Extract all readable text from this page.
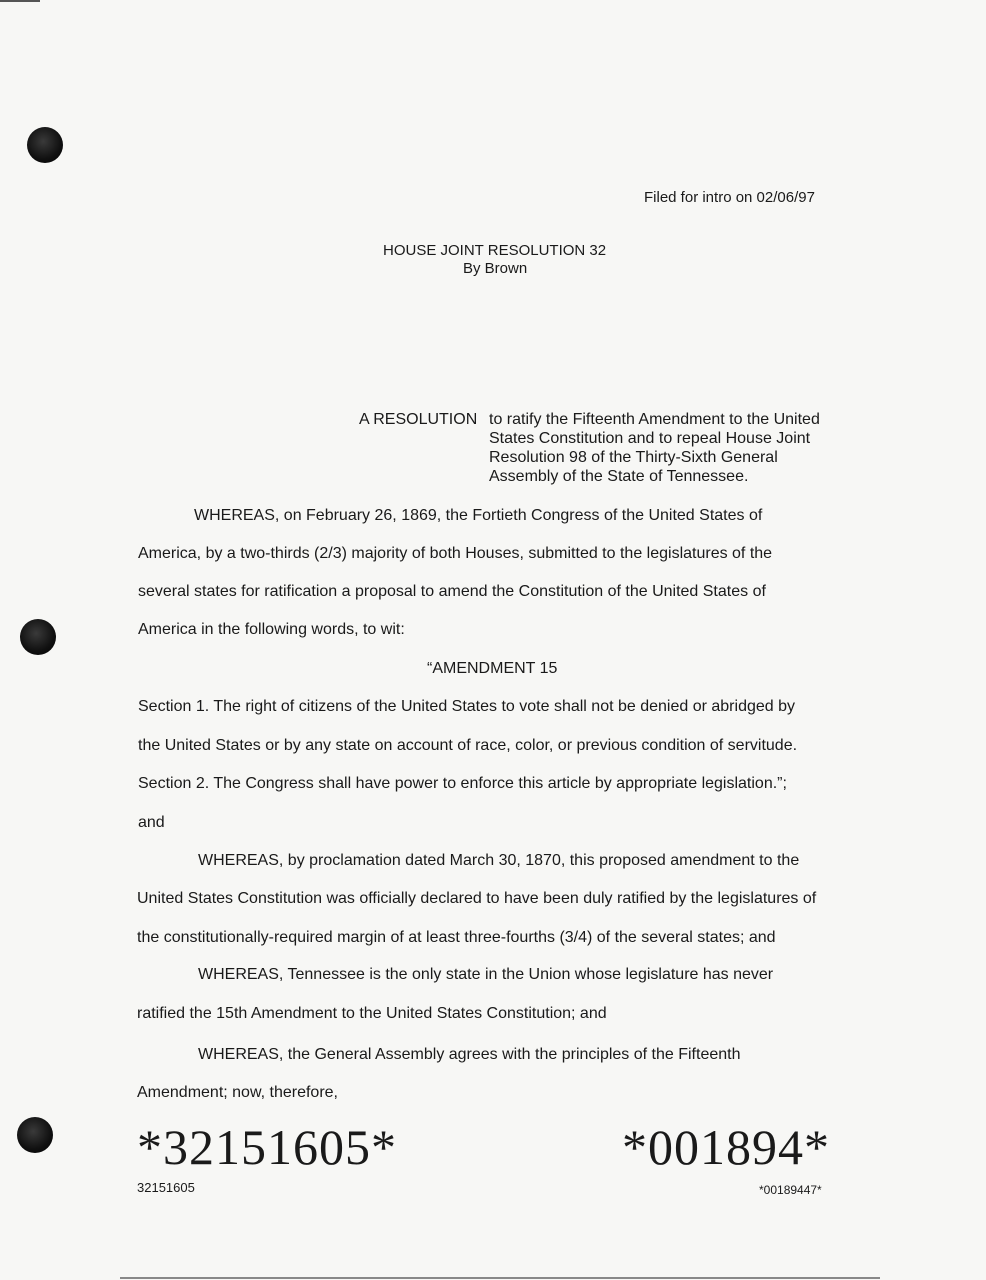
Filed for intro on 02/06/97
HOUSE JOINT RESOLUTION 32
By Brown
A RESOLUTION to ratify the Fifteenth Amendment to the United
States Constitution and to repeal House Joint
Resolution 98 of the Thirty-Sixth General
Assembly of the State of Tennessee.
WHEREAS, on February 26, 1869, the Fortieth Congress of the United States of
America, by a two-thirds (2/3) majority of both Houses, submitted to the legislatures of the
several states for ratification a proposal to amend the Constitution of the United States of
America in the following words, to wit:
“AMENDMENT 15
Section 1. The right of citizens of the United States to vote shall not be denied or abridged by
the United States or by any state on account of race, color, or previous condition of servitude.
Section 2. The Congress shall have power to enforce this article by appropriate legislation.”;
and
WHEREAS, by proclamation dated March 30, 1870, this proposed amendment to the
United States Constitution was officially declared to have been duly ratified by the legislatures of
the constitutionally-required margin of at least three-fourths (3/4) of the several states; and
WHEREAS, Tennessee is the only state in the Union whose legislature has never
ratified the 15th Amendment to the United States Constitution; and
WHEREAS, the General Assembly agrees with the principles of the Fifteenth
Amendment; now, therefore,
*32151605*
32151605
*001894*
*00189447*
